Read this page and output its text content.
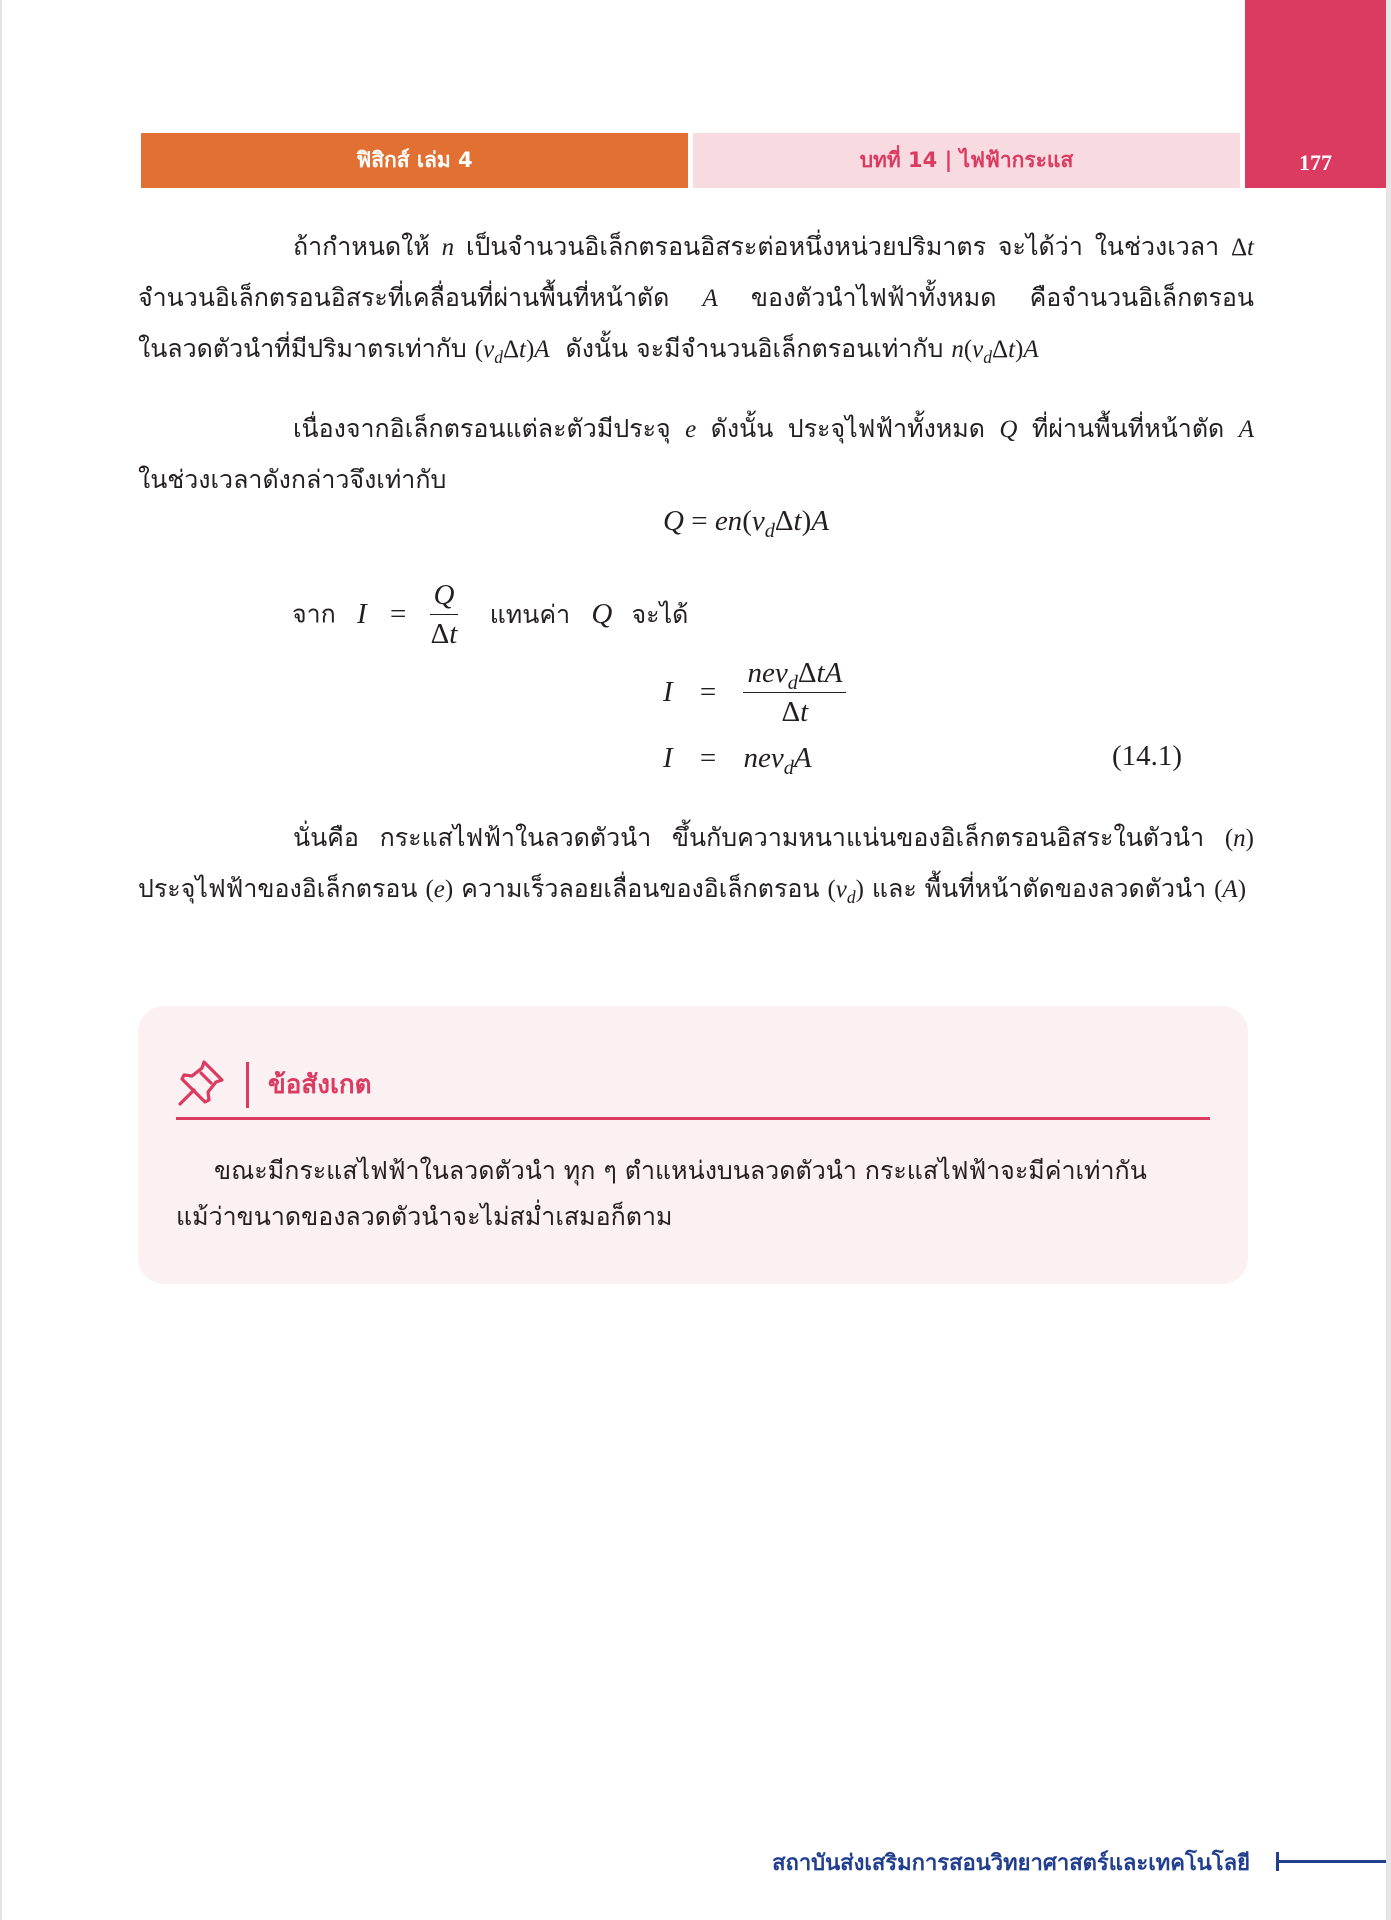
177
ฟิสิกส์ เล่ม 4	บทที่ 14 | ไฟฟ้ากระแส
ถ้ากำหนดให้ n เป็นจำนวนอิเล็กตรอนอิสระต่อหนึ่งหน่วยปริมาตร จะได้ว่า ในช่วงเวลา Δt
จำนวนอิเล็กตรอนอิสระที่เคลื่อนที่ผ่านพื้นที่หน้าตัด A ของตัวนำไฟฟ้าทั้งหมด คือจำนวนอิเล็กตรอน
ในลวดตัวนำที่มีปริมาตรเท่ากับ $(v_d\Delta t)A$  ดังนั้น จะมีจำนวนอิเล็กตรอนเท่ากับ $n(v_d\Delta t)A$
เนื่องจากอิเล็กตรอนแต่ละตัวมีประจุ e ดังนั้น ประจุไฟฟ้าทั้งหมด Q ที่ผ่านพื้นที่หน้าตัด A
ในช่วงเวลาดังกล่าวจึงเท่ากับ
$Q = en(v_d\Delta t)A$
จาก $I = \frac{Q}{\Delta t}$ แทนค่า Q จะได้
$I = \frac{nev_d\Delta tA}{\Delta t}$
I = nev$_d$A	(14.1)
นั่นคือ กระแสไฟฟ้าในลวดตัวนำ ขึ้นกับความหนาแน่นของอิเล็กตรอนอิสระในตัวนำ (n)
ประจุไฟฟ้าของอิเล็กตรอน (e) ความเร็วลอยเลื่อนของอิเล็กตรอน $(v_d)$ และ พื้นที่หน้าตัดของลวดตัวนำ (A)
ข้อสังเกต
ขณะมีกระแสไฟฟ้าในลวดตัวนำ ทุก ๆ ตำแหน่งบนลวดตัวนำ กระแสไฟฟ้าจะมีค่าเท่ากัน
แม้ว่าขนาดของลวดตัวนำจะไม่สม่ำเสมอก็ตาม
สถาบันส่งเสริมการสอนวิทยาศาสตร์และเทคโนโลยี
